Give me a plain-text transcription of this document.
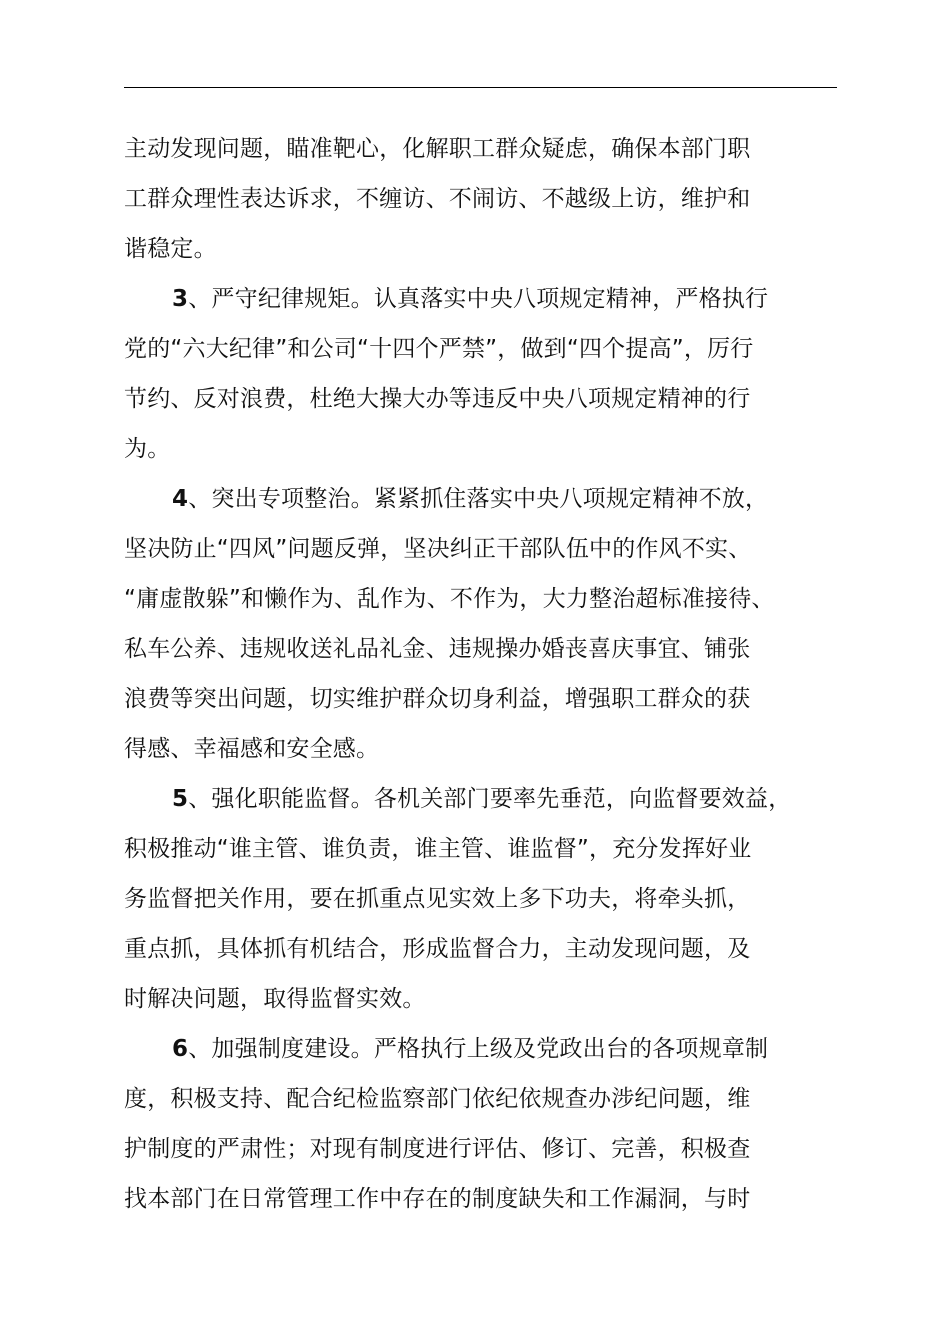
主动发现问题，瞄准靶心，化解职工群众疑虑，确保本部门职
工群众理性表达诉求，不缠访、不闹访、不越级上访，维护和
谐稳定。
3、严守纪律规矩。认真落实中央八项规定精神，严格执行
党的“六大纪律”和公司“十四个严禁”，做到“四个提高”，厉行
节约、反对浪费，杜绝大操大办等违反中央八项规定精神的行
为。
4、突出专项整治。紧紧抓住落实中央八项规定精神不放，
坚决防止“四风”问题反弹，坚决纠正干部队伍中的作风不实、
“庸虚散躲”和懒作为、乱作为、不作为，大力整治超标准接待、
私车公养、违规收送礼品礼金、违规操办婚丧喜庆事宜、铺张
浪费等突出问题，切实维护群众切身利益，增强职工群众的获
得感、幸福感和安全感。
5、强化职能监督。各机关部门要率先垂范，向监督要效益，
积极推动“谁主管、谁负责，谁主管、谁监督”，充分发挥好业
务监督把关作用，要在抓重点见实效上多下功夫，将牵头抓，
重点抓，具体抓有机结合，形成监督合力，主动发现问题，及
时解决问题，取得监督实效。
6、加强制度建设。严格执行上级及党政出台的各项规章制
度，积极支持、配合纪检监察部门依纪依规查办涉纪问题，维
护制度的严肃性；对现有制度进行评估、修订、完善，积极查
找本部门在日常管理工作中存在的制度缺失和工作漏洞，与时
